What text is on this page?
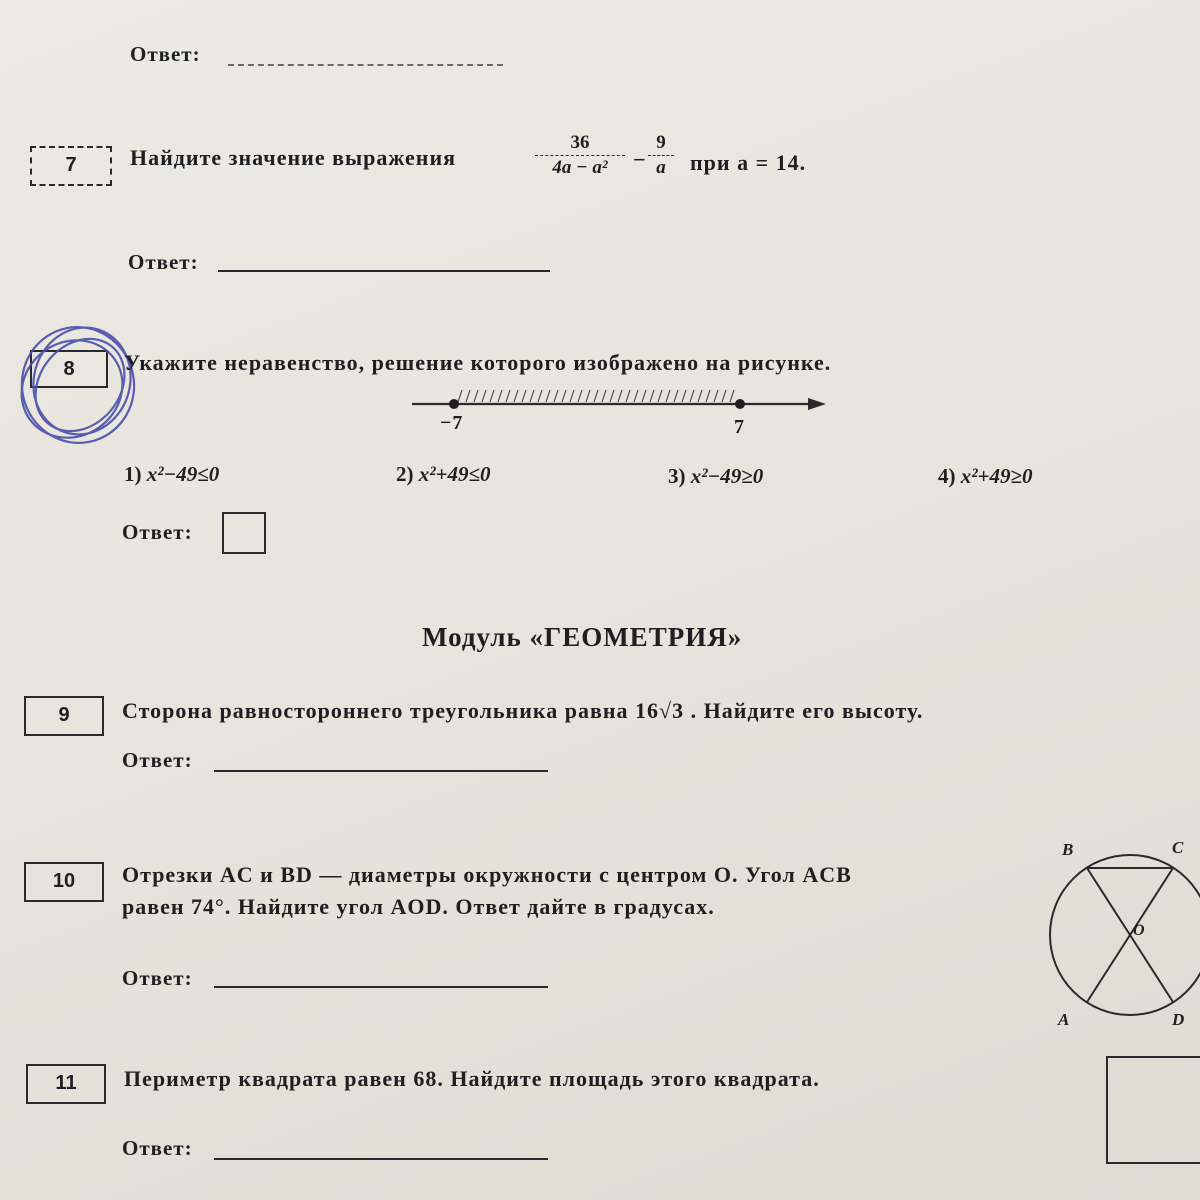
Ответ:
7	Найдите значение выражения
36
4a − a²	−
9
a	при a = 14.
Ответ:
8	Укажите неравенство, решение которого изображено на рисунке.
−7	7
1) x²−49≤0	2) x²+49≤0	3) x²−49≥0	4) x²+49≥0
Ответ:
Модуль «ГЕОМЕТРИЯ»
9	Сторона равностороннего треугольника равна 16√3 . Найдите его высоту.
Ответ:
10	Отрезки AC и BD — диаметры окружности с центром O. Угол ACB
равен 74°. Найдите угол AOD. Ответ дайте в градусах.
Ответ:
B	C
O
A	D
11	Периметр квадрата равен 68. Найдите площадь этого квадрата.
Ответ:
